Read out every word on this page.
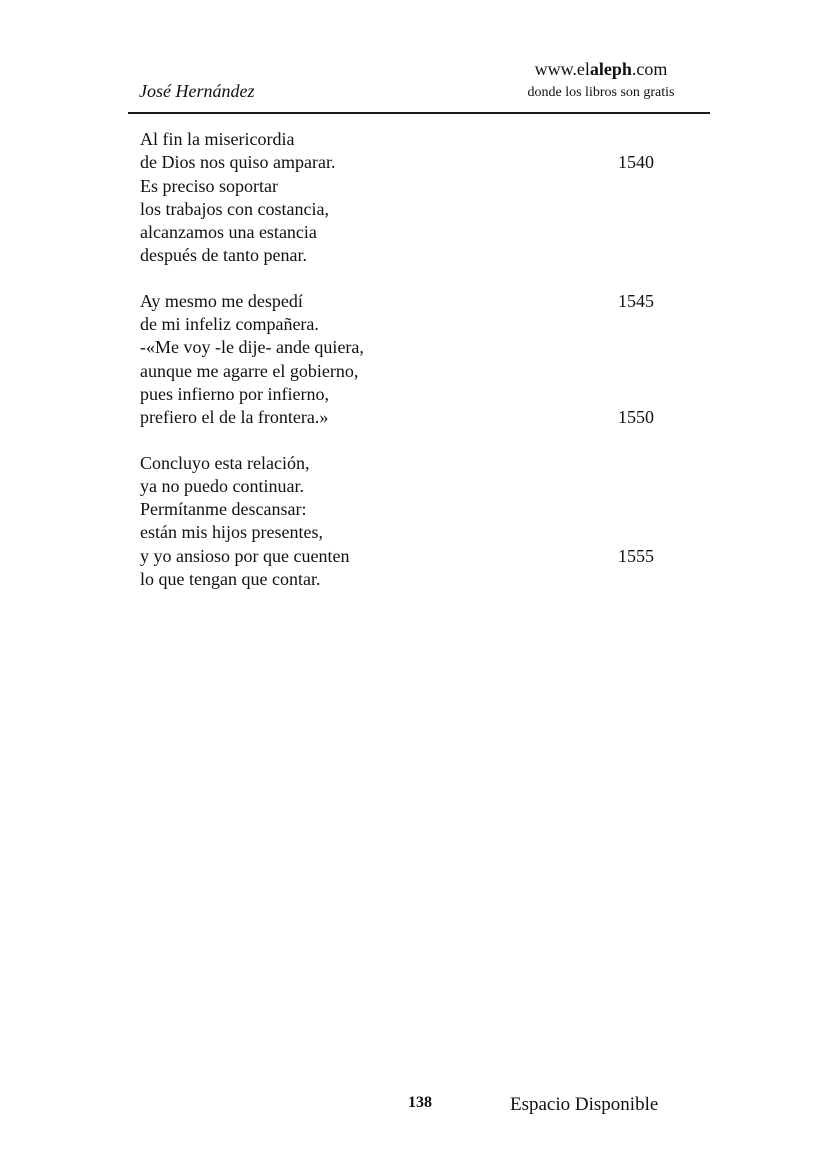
José Hernández
www.elaleph.com
donde los libros son gratis
Al fin la misericordia
de Dios nos quiso amparar.	1540
Es preciso soportar
los trabajos con costancia,
alcanzamos una estancia
después de tanto penar.
Ay mesmo me despedí	1545
de mi infeliz compañera.
-«Me voy -le dije- ande quiera,
aunque me agarre el gobierno,
pues infierno por infierno,
prefiero el de la frontera.»	1550
Concluyo esta relación,
ya no puedo continuar.
Permítanme descansar:
están mis hijos presentes,
y yo ansioso por que cuenten	1555
lo que tengan que contar.
138	Espacio Disponible
